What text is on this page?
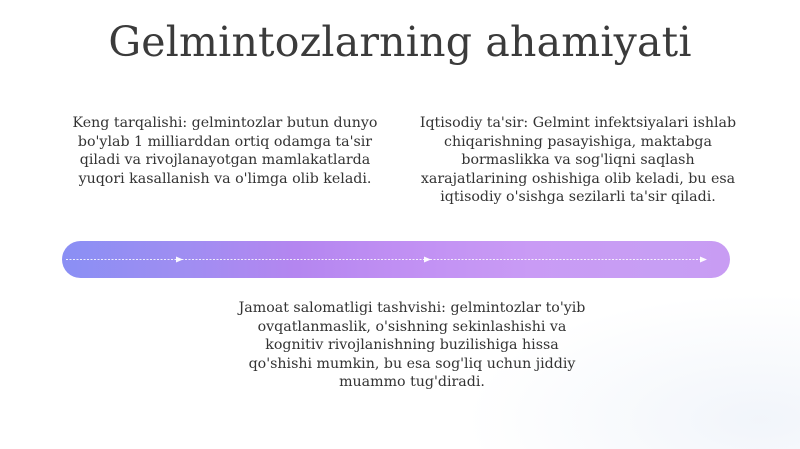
Gelmintozlarning ahamiyati

Keng tarqalishi: gelmintozlar butun dunyo bo'ylab 1 milliarddan ortiq odamga ta'sir qiladi va rivojlanayotgan mamlakatlarda yuqori kasallanish va o'limga olib keladi.

Iqtisodiy ta'sir: Gelmint infektsiyalari ishlab chiqarishning pasayishiga, maktabga bormaslikka va sog'liqni saqlash xarajatlarining oshishiga olib keladi, bu esa iqtisodiy o'sishga sezilarli ta'sir qiladi.

Jamoat salomatligi tashvishi: gelmintozlar to'yib ovqatlanmaslik, o'sishning sekinlashishi va kognitiv rivojlanishning buzilishiga hissa qo'shishi mumkin, bu esa sog'liq uchun jiddiy muammo tug'diradi.
